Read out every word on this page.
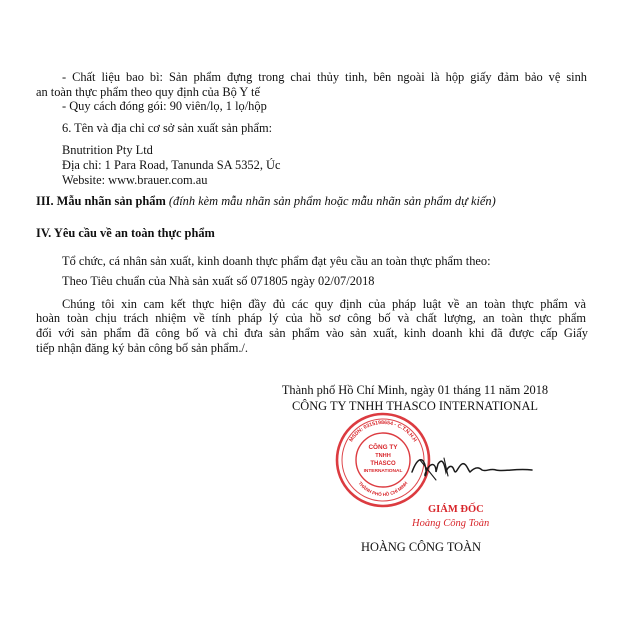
- Chất liệu bao bì: Sản phẩm đựng trong chai thủy tinh, bên ngoài là hộp giấy đảm bảo vệ sinh
an toàn thực phẩm theo quy định của Bộ Y tế
- Quy cách đóng gói: 90 viên/lọ, 1 lọ/hộp
6. Tên và địa chỉ cơ sở sản xuất sản phẩm:
Bnutrition Pty Ltd
Địa chỉ: 1 Para Road, Tanunda SA 5352, Úc
Website: www.brauer.com.au
III. Mẫu nhãn sản phẩm (đính kèm mẫu nhãn sản phẩm hoặc mẫu nhãn sản phẩm dự kiến)
IV. Yêu cầu về an toàn thực phẩm
Tổ chức, cá nhân sản xuất, kinh doanh thực phẩm đạt yêu cầu an toàn thực phẩm theo:
Theo Tiêu chuẩn của Nhà sản xuất số 071805 ngày 02/07/2018
Chúng tôi xin cam kết thực hiện đầy đủ các quy định của pháp luật về an toàn thực phẩm và
hoàn toàn chịu trách nhiệm về tính pháp lý của hồ sơ công bố và chất lượng, an toàn thực phẩm
đối với sản phẩm đã công bố và chỉ đưa sản phẩm vào sản xuất, kinh doanh khi đã được cấp Giấy
tiếp nhận đăng ký bản công bố sản phẩm./.
Thành phố Hồ Chí Minh, ngày 01 tháng 11 năm 2018
CÔNG TY TNHH THASCO INTERNATIONAL
MSDN: 0315198654 - C.T.N.H.H
THÀNH PHỐ HỒ CHÍ MINH
CÔNG TY
TNHH
THASCO
INTERNATIONAL
GIÁM ĐỐC
Hoàng Công Toàn
HOÀNG CÔNG TOÀN
